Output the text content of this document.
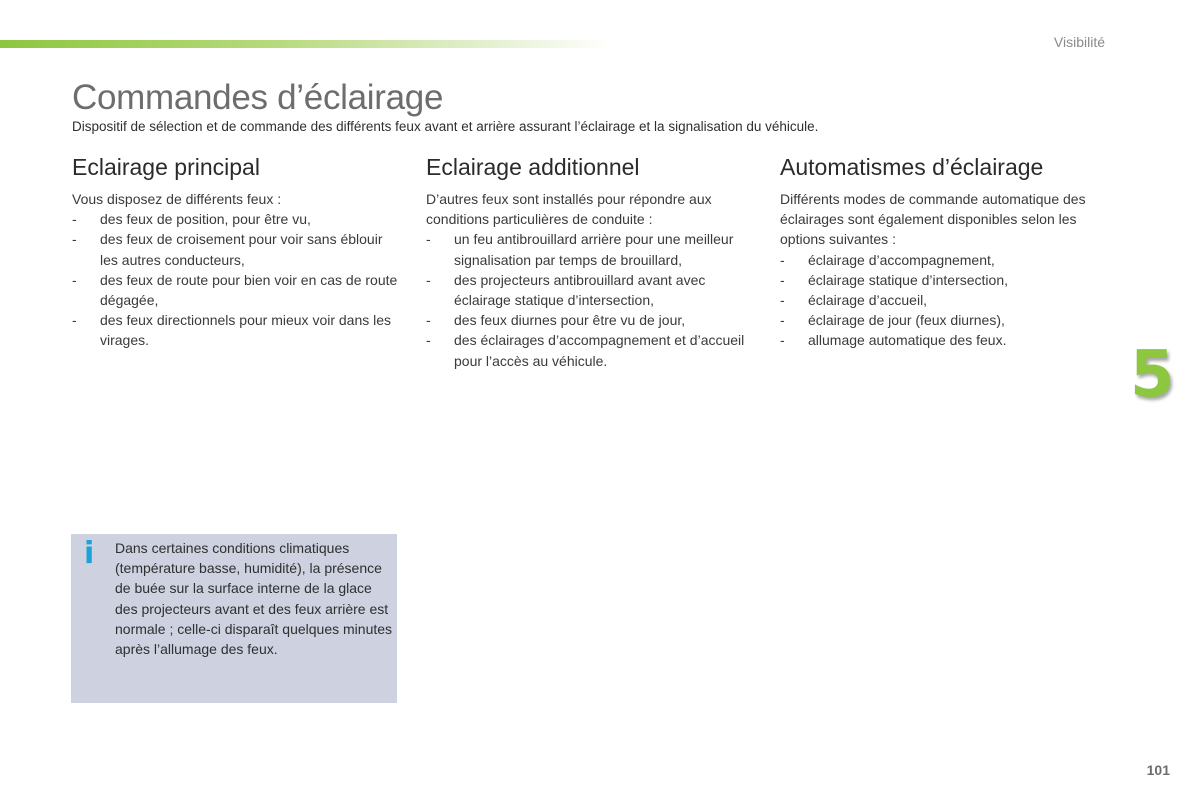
Visibilité
Commandes d’éclairage

Dispositif de sélection et de commande des différents feux avant et arrière assurant l’éclairage et la signalisation du véhicule.

Eclairage principal

Vous disposez de différents feux :

- des feux de position, pour être vu,
- des feux de croisement pour voir sans éblouir les autres conducteurs,
- des feux de route pour bien voir en cas de route dégagée,
- des feux directionnels pour mieux voir dans les virages.
Eclairage additionnel

D’autres feux sont installés pour répondre aux conditions particulières de conduite :

- un feu antibrouillard arrière pour une meilleur signalisation par temps de brouillard,
- des projecteurs antibrouillard avant avec éclairage statique d’intersection,
- des feux diurnes pour être vu de jour,
- des éclairages d’accompagnement et d’accueil pour l’accès au véhicule.
Automatismes d’éclairage

Différents modes de commande automatique des éclairages sont également disponibles selon les options suivantes :

- éclairage d’accompagnement,
- éclairage statique d’intersection,
- éclairage d’accueil,
- éclairage de jour (feux diurnes),
- allumage automatique des feux.	5
i Dans certaines conditions climatiques (température basse, humidité), la présence de buée sur la surface interne de la glace des projecteurs avant et des feux arrière est normale ; celle-ci disparaît quelques minutes après l’allumage des feux.
101
